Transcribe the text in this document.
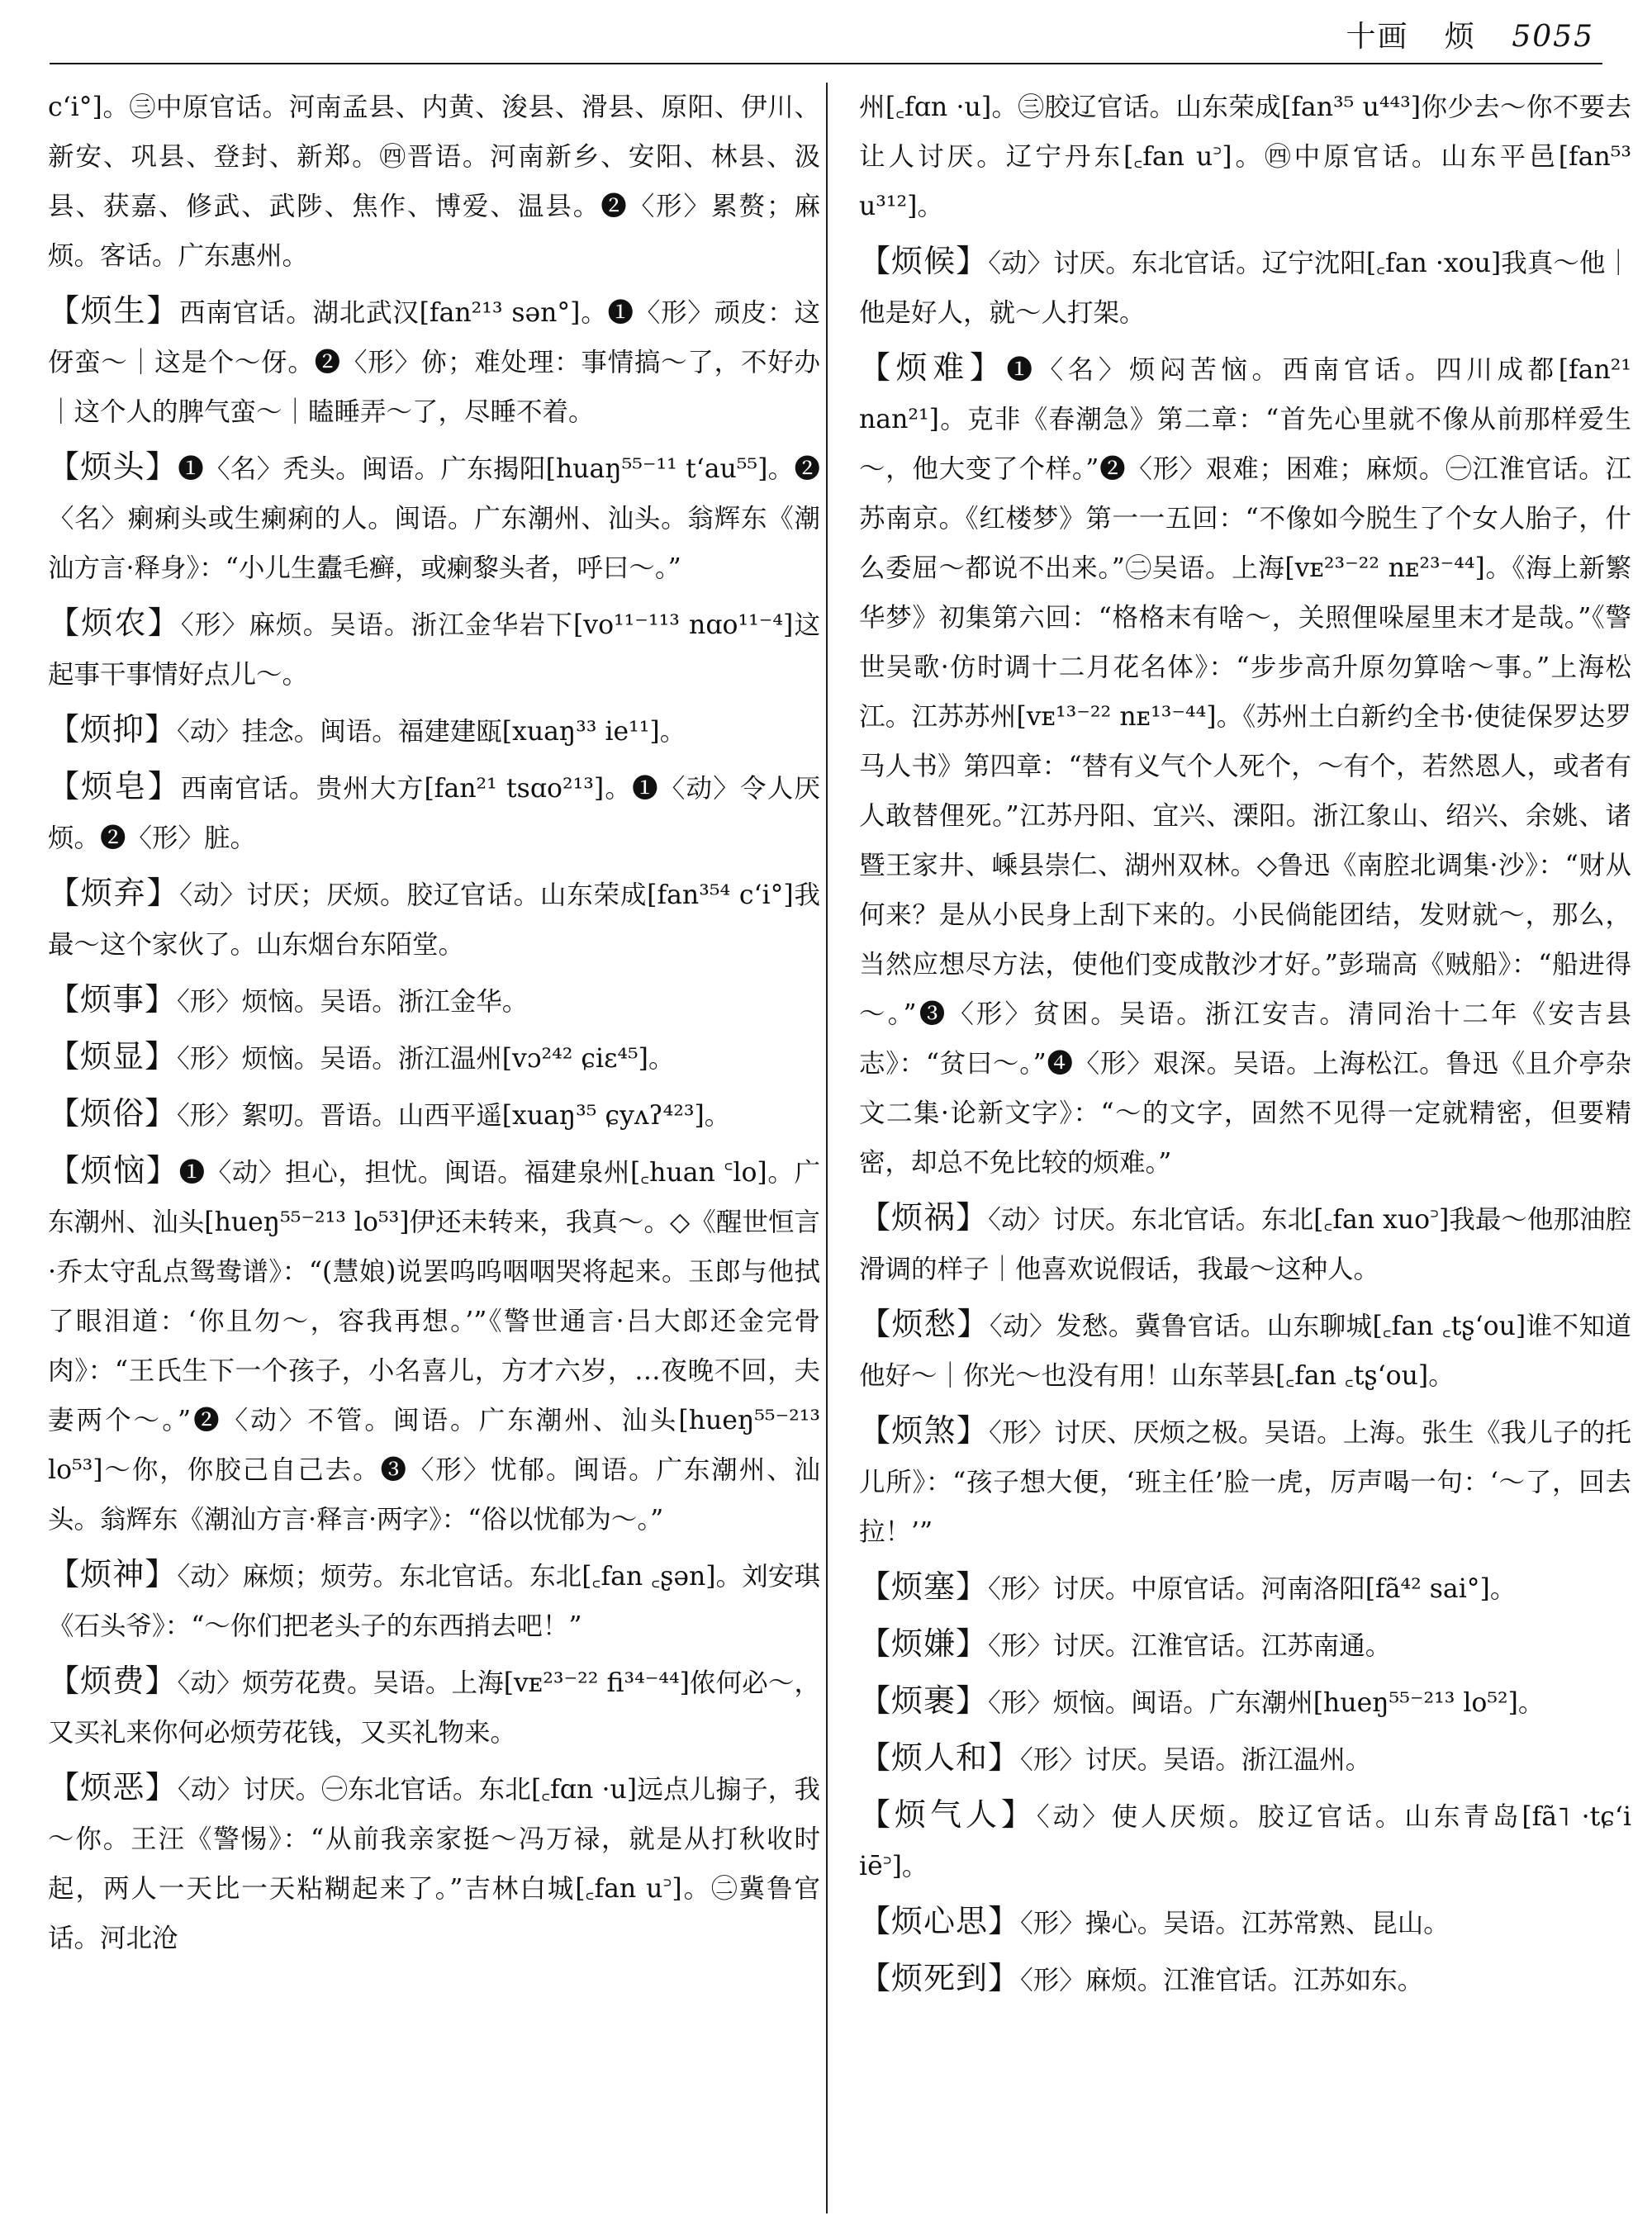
十画 烦 5055

cʻi°]。㊂中原官话。河南孟县、内黄、浚县、滑县、原阳、伊川、新安、巩县、登封、新郑。㊃晋语。河南新乡、安阳、林县、汲县、获嘉、修武、武陟、焦作、博爱、温县。❷〈形〉累赘；麻烦。客话。广东惠州。

【烦生】西南官话。湖北武汉[fan²¹³ sən°]。❶〈形〉顽皮：这伢蛮～｜这是个～伢。❷〈形〉㑊；难处理：事情搞～了，不好办｜这个人的脾气蛮～｜瞌睡弄～了，尽睡不着。

【烦头】❶〈名〉秃头。闽语。广东揭阳[huaŋ⁵⁵⁻¹¹ tʻau⁵⁵]。❷〈名〉瘌痢头或生瘌痢的人。闽语。广东潮州、汕头。翁辉东《潮汕方言·释身》：“小儿生蠹毛癣，或瘌黎头者，呼曰～。”

【烦农】〈形〉麻烦。吴语。浙江金华岩下[vo¹¹⁻¹¹³ nɑo¹¹⁻⁴]这起事干事情好点儿～。

【烦抑】〈动〉挂念。闽语。福建建瓯[xuaŋ³³ ie¹¹]。

【烦皂】西南官话。贵州大方[fan²¹ tsɑo²¹³]。❶〈动〉令人厌烦。❷〈形〉脏。

【烦弃】〈动〉讨厌；厌烦。胶辽官话。山东荣成[fan³⁵⁴ cʻi°]我最～这个家伙了。山东烟台东陌堂。

【烦事】〈形〉烦恼。吴语。浙江金华。

【烦显】〈形〉烦恼。吴语。浙江温州[vɔ²⁴² ɕiɛ⁴⁵]。

【烦俗】〈形〉絮叨。晋语。山西平遥[xuaŋ³⁵ ɕyʌʔ⁴²³]。

【烦恼】❶〈动〉担心，担忧。闽语。福建泉州[꜀huan ꜂lo]。广东潮州、汕头[hueŋ⁵⁵⁻²¹³ lo⁵³]伊还未转来，我真～。◇《醒世恒言·乔太守乱点鸳鸯谱》：“(慧娘)说罢呜呜咽咽哭将起来。玉郎与他拭了眼泪道：‘你且勿～，容我再想。’”《警世通言·吕大郎还金完骨肉》：“王氏生下一个孩子，小名喜儿，方才六岁，…夜晚不回，夫妻两个～。”❷〈动〉不管。闽语。广东潮州、汕头[hueŋ⁵⁵⁻²¹³ lo⁵³]～你，你胶己自己去。❸〈形〉忧郁。闽语。广东潮州、汕头。翁辉东《潮汕方言·释言·两字》：“俗以忧郁为～。”

【烦神】〈动〉麻烦；烦劳。东北官话。东北[꜀fan ꜀ʂən]。刘安琪《石头爷》：“～你们把老头子的东西捎去吧！”

【烦费】〈动〉烦劳花费。吴语。上海[vᴇ²³⁻²² fi³⁴⁻⁴⁴]侬何必～，又买礼来你何必烦劳花钱，又买礼物来。

【烦恶】〈动〉讨厌。㊀东北官话。东北[꜀fɑn ·u]远点儿搧子，我～你。王汪《警惕》：“从前我亲家挺～冯万禄，就是从打秋收时起，两人一天比一天粘糊起来了。”吉林白城[꜀fan u꜄]。㊁冀鲁官话。河北沧

州[꜀fɑn ·u]。㊂胶辽官话。山东荣成[fan³⁵ u⁴⁴³]你少去～你不要去让人讨厌。辽宁丹东[꜀fan u꜄]。㊃中原官话。山东平邑[fan⁵³ u³¹²]。

【烦候】〈动〉讨厌。东北官话。辽宁沈阳[꜀fan ·xou]我真～他｜他是好人，就～人打架。

【烦难】❶〈名〉烦闷苦恼。西南官话。四川成都[fan²¹ nan²¹]。克非《春潮急》第二章：“首先心里就不像从前那样爱生～，他大变了个样。”❷〈形〉艰难；困难；麻烦。㊀江淮官话。江苏南京。《红楼梦》第一一五回：“不像如今脱生了个女人胎子，什么委屈～都说不出来。”㊁吴语。上海[vᴇ²³⁻²² nᴇ²³⁻⁴⁴]。《海上新繁华梦》初集第六回：“格格末有啥～，关照俚哚屋里末才是哉。”《警世吴歌·仿时调十二月花名体》：“步步高升原勿算啥～事。”上海松江。江苏苏州[vᴇ¹³⁻²² nᴇ¹³⁻⁴⁴]。《苏州土白新约全书·使徒保罗达罗马人书》第四章：“替有义气个人死个，～有个，若然恩人，或者有人敢替俚死。”江苏丹阳、宜兴、溧阳。浙江象山、绍兴、余姚、诸暨王家井、嵊县崇仁、湖州双林。◇鲁迅《南腔北调集·沙》：“财从何来？是从小民身上刮下来的。小民倘能团结，发财就～，那么，当然应想尽方法，使他们变成散沙才好。”彭瑞高《贼船》：“船进得～。”❸〈形〉贫困。吴语。浙江安吉。清同治十二年《安吉县志》：“贫曰～。”❹〈形〉艰深。吴语。上海松江。鲁迅《且介亭杂文二集·论新文字》：“～的文字，固然不见得一定就精密，但要精密，却总不免比较的烦难。”

【烦祸】〈动〉讨厌。东北官话。东北[꜀fan xuo꜄]我最～他那油腔滑调的样子｜他喜欢说假话，我最～这种人。

【烦愁】〈动〉发愁。冀鲁官话。山东聊城[꜀fan ꜀tʂʻou]谁不知道他好～｜你光～也没有用！山东莘县[꜀fan ꜀tʂʻou]。

【烦煞】〈形〉讨厌、厌烦之极。吴语。上海。张生《我儿子的托儿所》：“孩子想大便，‘班主任’脸一虎，厉声喝一句：‘～了，回去拉！’”

【烦塞】〈形〉讨厌。中原官话。河南洛阳[fã⁴² sai°]。

【烦嫌】〈形〉讨厌。江淮官话。江苏南通。

【烦裹】〈形〉烦恼。闽语。广东潮州[hueŋ⁵⁵⁻²¹³ lo⁵²]。

【烦人和】〈形〉讨厌。吴语。浙江温州。

【烦气人】〈动〉使人厌烦。胶辽官话。山东青岛[fã˥ ·tɕʻi iē꜄]。

【烦心思】〈形〉操心。吴语。江苏常熟、昆山。

【烦死到】〈形〉麻烦。江淮官话。江苏如东。
